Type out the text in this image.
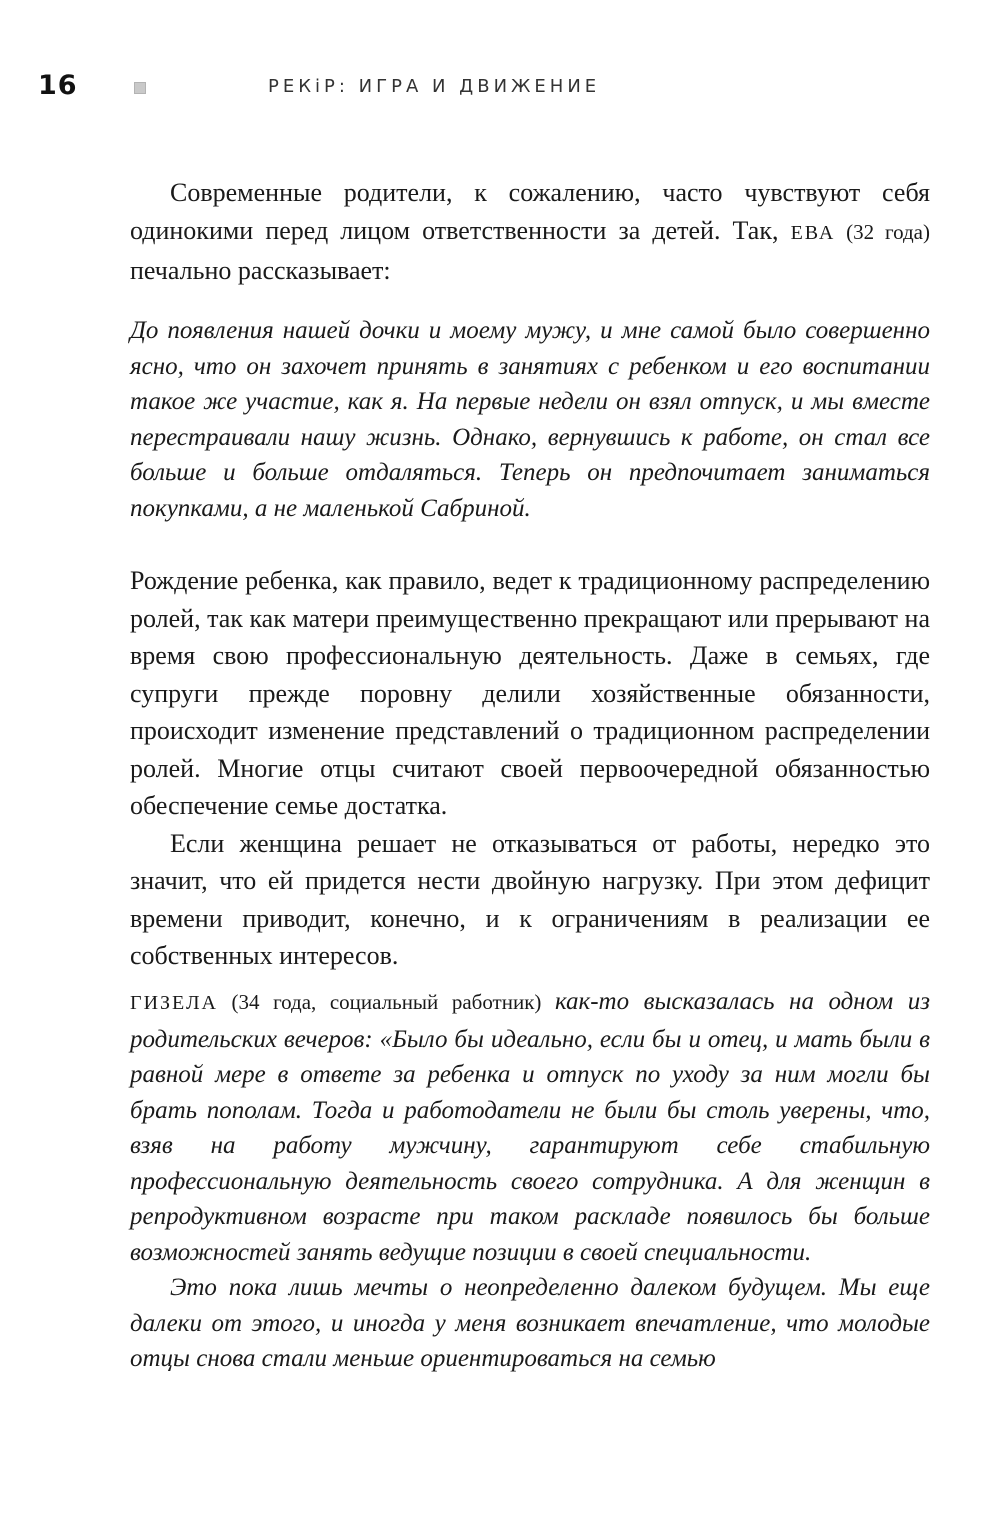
16	РЕКіР: ИГРА И ДВИЖЕНИЕ

Современные родители, к сожалению, часто чувствуют себя одинокими перед лицом ответственности за детей. Так, ЕВА (32 года) печально рассказывает:

До появления нашей дочки и моему мужу, и мне самой было совершенно ясно, что он захочет принять в занятиях с ребенком и его воспитании такое же участие, как я. На первые недели он взял отпуск, и мы вместе перестраивали нашу жизнь. Однако, вернувшись к работе, он стал все больше и больше отдаляться. Теперь он предпочитает заниматься покупками, а не маленькой Сабриной.

Рождение ребенка, как правило, ведет к традиционному распределению ролей, так как матери преимущественно прекращают или прерывают на время свою профессиональную деятельность. Даже в семьях, где супруги прежде поровну делили хозяйственные обязанности, происходит изменение представлений о традиционном распределении ролей. Многие отцы считают своей первоочередной обязанностью обеспечение семье достатка.

Если женщина решает не отказываться от работы, нередко это значит, что ей придется нести двойную нагрузку. При этом дефицит времени приводит, конечно, и к ограничениям в реализации ее собственных интересов.

ГИЗЕЛА (34 года, социальный работник) как-то высказалась на одном из родительских вечеров: «Было бы идеально, если бы и отец, и мать были в равной мере в ответе за ребенка и отпуск по уходу за ним могли бы брать пополам. Тогда и работодатели не были бы столь уверены, что, взяв на работу мужчину, гарантируют себе стабильную профессиональную деятельность своего сотрудника. А для женщин в репродуктивном возрасте при таком раскладе появилось бы больше возможностей занять ведущие позиции в своей специальности.

Это пока лишь мечты о неопределенно далеком будущем. Мы еще далеки от этого, и иногда у меня возникает впечатление, что молодые отцы снова стали меньше ориентироваться на семью
